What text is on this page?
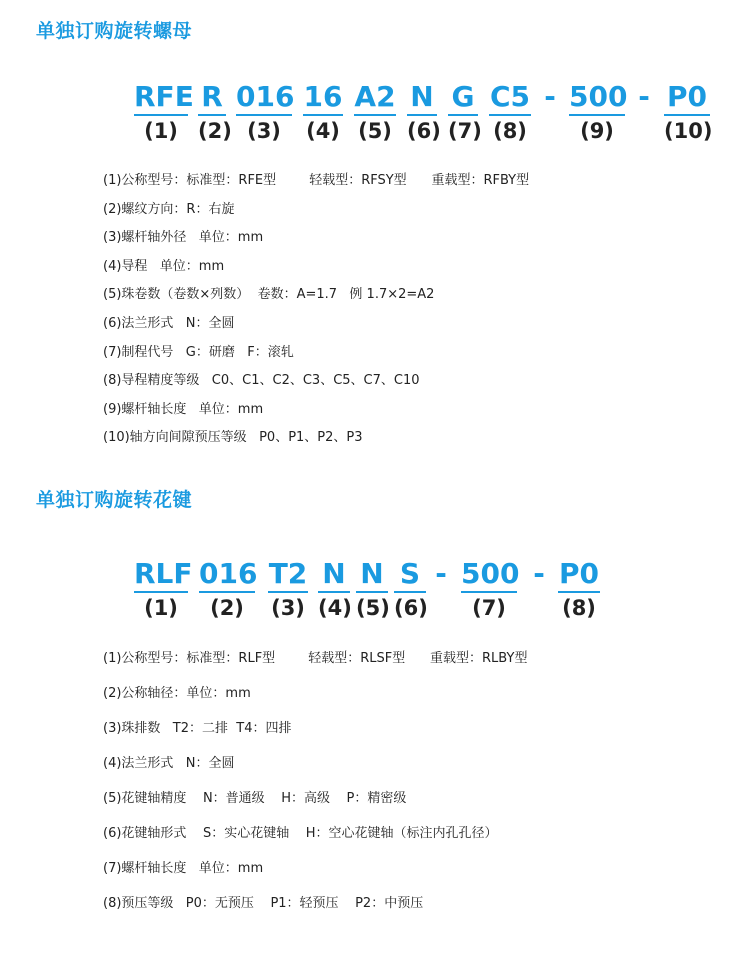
单独订购旋转螺母
RFE
(1)
R
(2)
016
(3)
16
(4)
A2
(5)
N
(6)
G
(7)
C5
(8)
- 500
(9)
- P0
(10)
(1)公称型号：标准型：RFE型        轻载型：RFSY型      重载型：RFBY型
(2)螺纹方向：R：右旋
(3)螺杆轴外径   单位：mm
(4)导程   单位：mm
(5)珠卷数（卷数×列数）  卷数：A=1.7   例 1.7×2=A2
(6)法兰形式   N：全圆
(7)制程代号   G：研磨   F：滚轧
(8)导程精度等级   C0、C1、C2、C3、C5、C7、C10
(9)螺杆轴长度   单位：mm
(10)轴方向间隙预压等级   P0、P1、P2、P3
单独订购旋转花键
RLF
(1)
016
(2)
T2
(3)
N
(4)
N
(5)
S
(6)
- 500
(7)
- P0
(8)
(1)公称型号：标准型：RLF型        轻载型：RLSF型      重载型：RLBY型
(2)公称轴径：单位：mm
(3)珠排数   T2：二排  T4：四排
(4)法兰形式   N：全圆
(5)花键轴精度    N：普通级    H：高级    P：精密级
(6)花键轴形式    S：实心花键轴    H：空心花键轴（标注内孔孔径）
(7)螺杆轴长度   单位：mm
(8)预压等级   P0：无预压    P1：轻预压    P2：中预压
